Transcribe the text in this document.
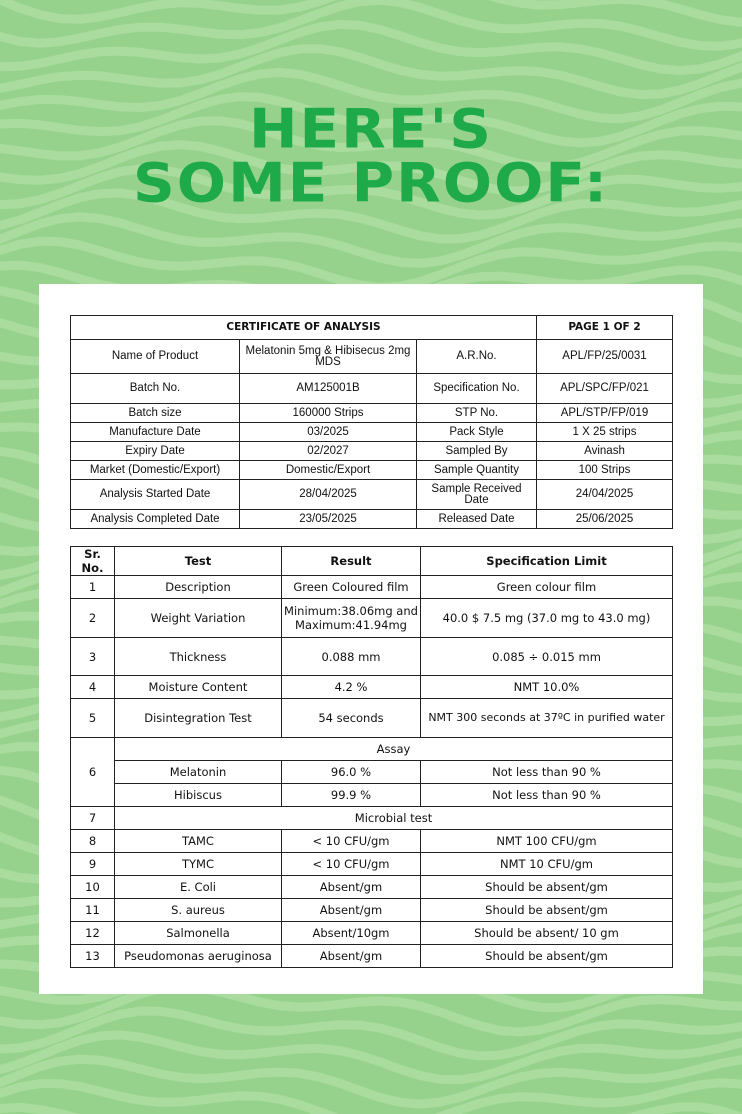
HERE'S
SOME PROOF:
CERTIFICATE OF ANALYSIS			PAGE 1 OF 2
Name of Product	Melatonin 5mg & Hibisecus 2mg MDS	A.R.No.	APL/FP/25/0031
Batch No.	AM125001B	Specification No.	APL/SPC/FP/021
Batch size	160000 Strips	STP No.	APL/STP/FP/019
Manufacture Date	03/2025	Pack Style	1 X 25 strips
Expiry Date	02/2027	Sampled By	Avinash
Market (Domestic/Export)	Domestic/Export	Sample Quantity	100 Strips
Analysis Started Date	28/04/2025	Sample Received Date	24/04/2025
Analysis Completed Date	23/05/2025	Released Date	25/06/2025
Sr. No.	Test	Result	Specification Limit
1	Description	Green Coloured film	Green colour film
2	Weight Variation	Minimum:38.06mg and Maximum:41.94mg	40.0 $ 7.5 mg (37.0 mg to 43.0 mg)
3	Thickness	0.088 mm	0.085 ÷ 0.015 mm
4	Moisture Content	4.2 %	NMT 10.0%
5	Disintegration Test	54 seconds	NMT 300 seconds at 37ºC in purified water
6	Assay		
	Melatonin	96.0 %	Not less than 90 %
	Hibiscus	99.9 %	Not less than 90 %
7	Microbial test		
8	TAMC	< 10 CFU/gm	NMT 100 CFU/gm
9	TYMC	< 10 CFU/gm	NMT 10 CFU/gm
10	E. Coli	Absent/gm	Should be absent/gm
11	S. aureus	Absent/gm	Should be absent/gm
12	Salmonella	Absent/10gm	Should be absent/ 10 gm
13	Pseudomonas aeruginosa	Absent/gm	Should be absent/gm
